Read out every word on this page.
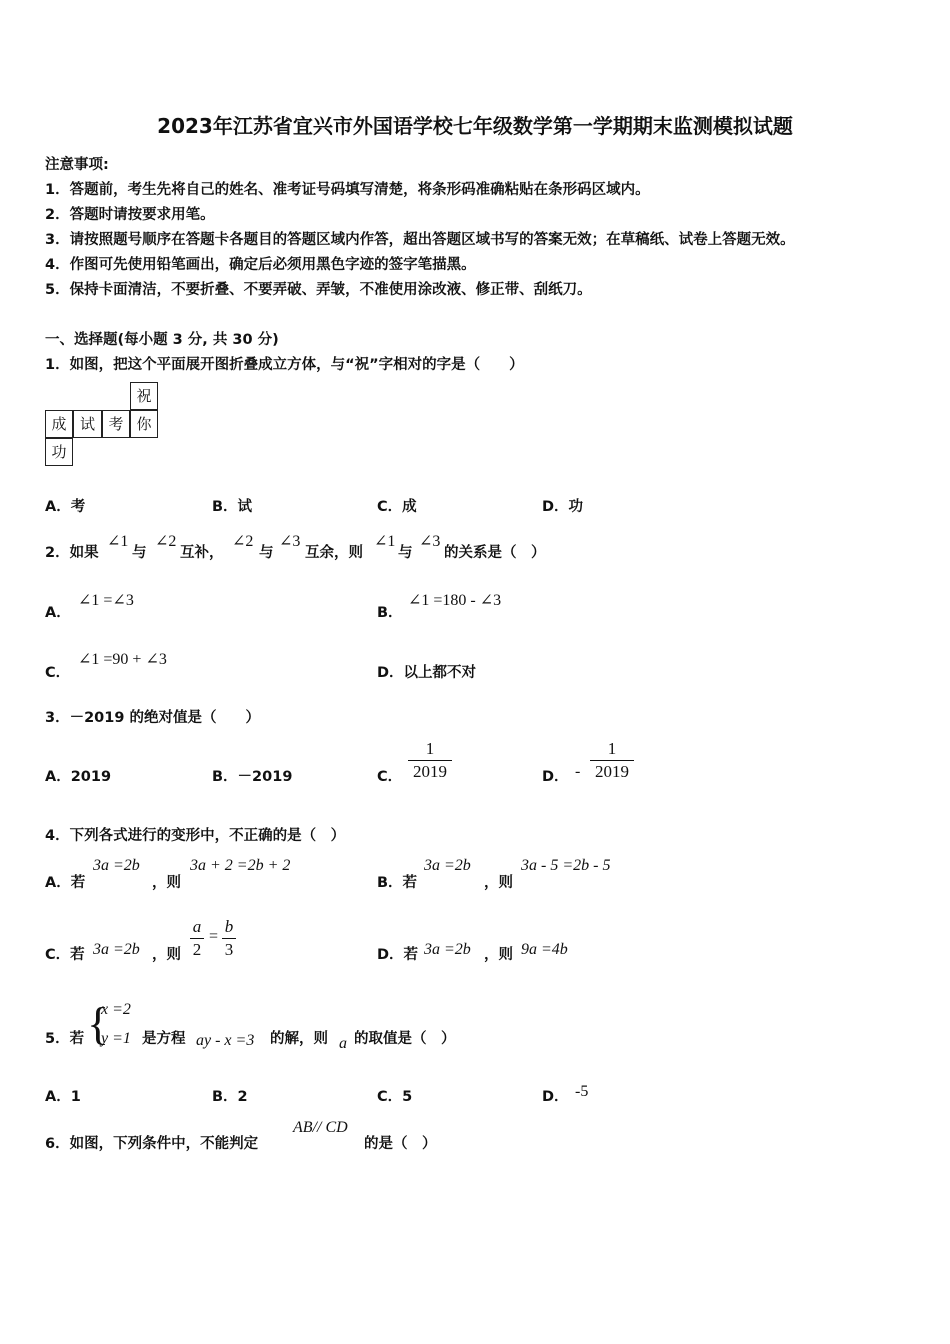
2023年江苏省宜兴市外国语学校七年级数学第一学期期末监测模拟试题
注意事项:
1．答题前，考生先将自己的姓名、准考证号码填写清楚，将条形码准确粘贴在条形码区域内。
2．答题时请按要求用笔。
3．请按照题号顺序在答题卡各题目的答题区域内作答，超出答题区域书写的答案无效；在草稿纸、试卷上答题无效。
4．作图可先使用铅笔画出，确定后必须用黑色字迹的签字笔描黑。
5．保持卡面清洁，不要折叠、不要弄破、弄皱，不准使用涂改液、修正带、刮纸刀。
一、选择题(每小题 3 分, 共 30 分)
1．如图，把这个平面展开图折叠成立方体，与“祝”字相对的字是（　　）
祝
成 试 考 你
功
A．考	B．试	C．成	D．功
2．如果
∠1
与
∠2
互补，
∠2
与
∠3
互余，则
∠1
与
∠3
的关系是（　）
A．
∠1 =∠3
B．
∠1 =180 - ∠3
C．
∠1 =90 + ∠3
D．以上都不对
3．－2019 的绝对值是（　　）
A．2019	B．－2019	C．
1
2019	D． -
1
2019
4．下列各式进行的变形中，不正确的是（　）
A．若
3a =2b
，则
3a + 2 =2b + 2
B．若
3a =2b
，则
3a - 5 =2b - 5
C．若 3a =2b ，则
a
2
=
b
3	D．若 3a =2b ，则 9a =4b
5．若 {
x =2
y =1 是方程 ay - x =3 的解，则 a 的取值是（　）
A．1	B．2	C．5	D． -5
6．如图，下列条件中，不能判定
AB// CD
的是（　）
